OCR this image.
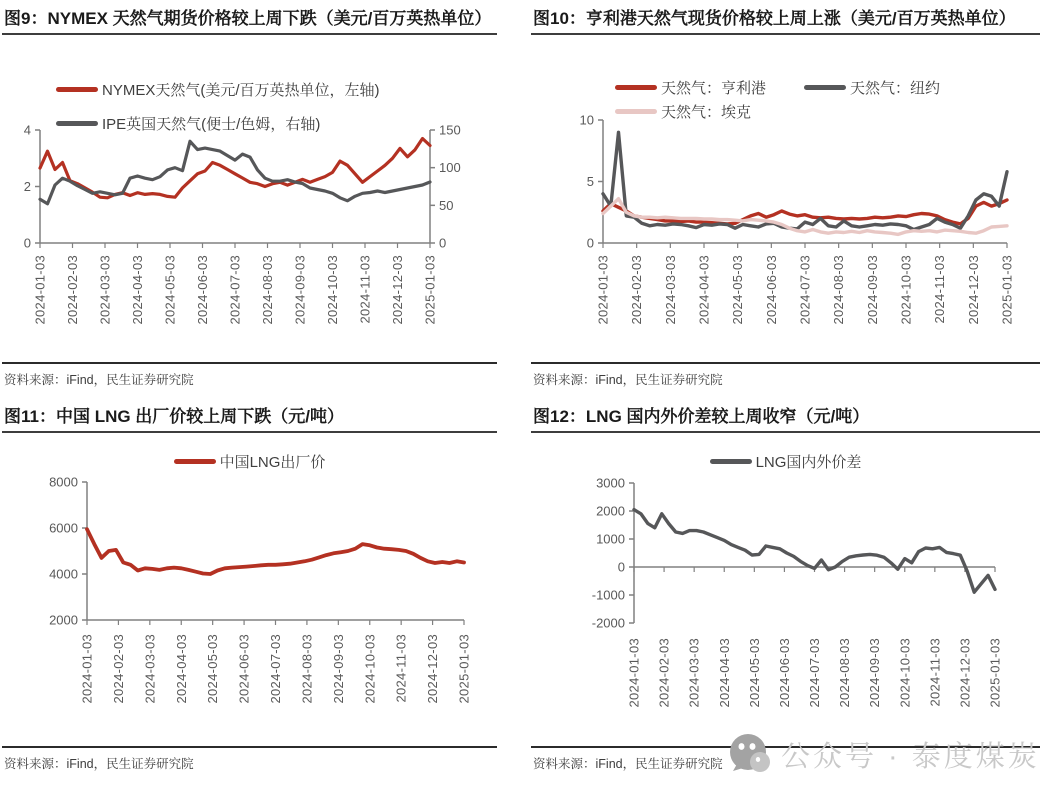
图9：NYMEX 天然气期货价格较上周下跌（美元/百万英热单位）
NYMEX天然气(美元/百万英热单位，左轴)
IPE英国天然气(便士/色姆，右轴)
0
2
4
0
50
100
150
2024-01-03 2024-02-03 2024-03-03 2024-04-03 2024-05-03 2024-06-03 2024-07-03 2024-08-03 2024-09-03 2024-10-03 2024-11-03 2024-12-03 2025-01-03
资料来源：iFind，民生证券研究院
图10：亨利港天然气现货价格较上周上涨（美元/百万英热单位）
天然气：亨利港	天然气：纽约
天然气：埃克
0
5
10
2024-01-03 2024-02-03 2024-03-03 2024-04-03 2024-05-03 2024-06-03 2024-07-03 2024-08-03 2024-09-03 2024-10-03 2024-11-03 2024-12-03 2025-01-03
资料来源：iFind，民生证券研究院
图11：中国 LNG 出厂价较上周下跌（元/吨）
中国LNG出厂价
2000
4000
6000
8000
2024-01-03 2024-02-03 2024-03-03 2024-04-03 2024-05-03 2024-06-03 2024-07-03 2024-08-03 2024-09-03 2024-10-03 2024-11-03 2024-12-03 2025-01-03
资料来源：iFind，民生证券研究院
图12：LNG 国内外价差较上周收窄（元/吨）
LNG国内外价差
-2000
-1000
0
1000
2000
3000
2024-01-03 2024-02-03 2024-03-03 2024-04-03 2024-05-03 2024-06-03 2024-07-03 2024-08-03 2024-09-03 2024-10-03 2024-11-03 2024-12-03 2025-01-03
资料来源：iFind，民生证券研究院	公众号 · 泰度煤炭
